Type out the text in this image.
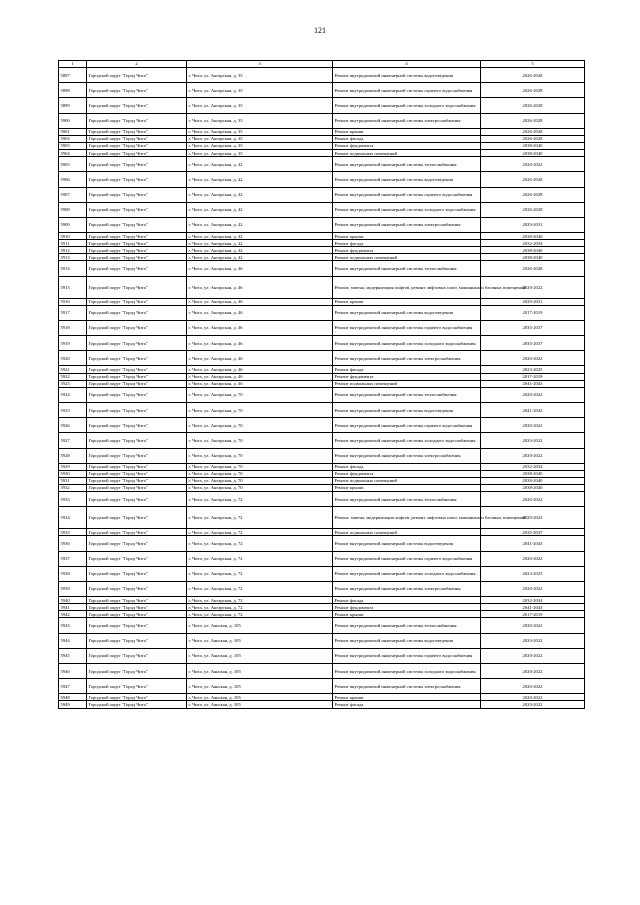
121
1	2	3	4	5
5897	Городской округ "Город Чита"	г. Чита, ул. Ангарская, д. 35	Ремонт внутридомовой инженерной системы водоотведения	2026-2028
5898	Городской округ "Город Чита"	г. Чита, ул. Ангарская, д. 35	Ремонт внутридомовой инженерной системы горячего водоснабжения	2026-2028
5899	Городской округ "Город Чита"	г. Чита, ул. Ангарская, д. 35	Ремонт внутридомовой инженерной системы холодного водоснабжения	2026-2028
5900	Городской округ "Город Чита"	г. Чита, ул. Ангарская, д. 35	Ремонт внутридомовой инженерной системы электроснабжения	2026-2028
5901	Городской округ "Город Чита"	г. Чита, ул. Ангарская, д. 35	Ремонт крыши	2026-2028
5902	Городской округ "Город Чита"	г. Чита, ул. Ангарская, д. 35	Ремонт фасада	2026-2028
5903	Городской округ "Город Чита"	г. Чита, ул. Ангарская, д. 35	Ремонт фундамента	2038-2040
5904	Городской округ "Город Чита"	г. Чита, ул. Ангарская, д. 35	Ремонт подвальных помещений	2038-2040
5905	Городской округ "Город Чита"	г. Чита, ул. Ангарская, д. 42	Ремонт внутридомовой инженерной системы теплоснабжения	2020-2022
5906	Городской округ "Город Чита"	г. Чита, ул. Ангарская, д. 42	Ремонт внутридомовой инженерной системы водоотведения	2026-2028
5907	Городской округ "Город Чита"	г. Чита, ул. Ангарская, д. 42	Ремонт внутридомовой инженерной системы горячего водоснабжения	2026-2028
5908	Городской округ "Город Чита"	г. Чита, ул. Ангарская, д. 42	Ремонт внутридомовой инженерной системы холодного водоснабжения	2026-2028
5909	Городской округ "Город Чита"	г. Чита, ул. Ангарская, д. 42	Ремонт внутридомовой инженерной системы электроснабжения	2029-2031
5910	Городской округ "Город Чита"	г. Чита, ул. Ангарская, д. 42	Ремонт крыши	2038-2040
5911	Городской округ "Город Чита"	г. Чита, ул. Ангарская, д. 42	Ремонт фасада	2032-2034
5912	Городской округ "Город Чита"	г. Чита, ул. Ангарская, д. 42	Ремонт фундамента	2038-2040
5913	Городской округ "Город Чита"	г. Чита, ул. Ангарская, д. 42	Ремонт подвальных помещений	2038-2040
5914	Городской округ "Город Чита"	г. Чита, ул. Ангарская, д. 46	Ремонт внутридомовой инженерной системы теплоснабжения	2026-2028
5915	Городской округ "Город Чита"	г. Чита, ул. Ангарская, д. 46	Ремонт, замена, модернизация лифтов, ремонт лифтовых шахт, машинных и блочных помещений	2020-2022
5916	Городской округ "Город Чита"	г. Чита, ул. Ангарская, д. 46	Ремонт крыши	2029-2031
5917	Городской округ "Город Чита"	г. Чита, ул. Ангарская, д. 46	Ремонт внутридомовой инженерной системы водоотведения	2017-2019
5918	Городской округ "Город Чита"	г. Чита, ул. Ангарская, д. 46	Ремонт внутридомовой инженерной системы горячего водоснабжения	2035-2037
5919	Городской округ "Город Чита"	г. Чита, ул. Ангарская, д. 46	Ремонт внутридомовой инженерной системы холодного водоснабжения	2035-2037
5920	Городской округ "Город Чита"	г. Чита, ул. Ангарская, д. 46	Ремонт внутридомовой инженерной системы электроснабжения	2020-2022
5921	Городской округ "Город Чита"	г. Чита, ул. Ангарская, д. 46	Ремонт фасада	2023-2025
5922	Городской округ "Город Чита"	г. Чита, ул. Ангарская, д. 46	Ремонт фундамента	2017-2019
5923	Городской округ "Город Чита"	г. Чита, ул. Ангарская, д. 46	Ремонт подвальных помещений	2041-2043
5924	Городской округ "Город Чита"	г. Чита, ул. Ангарская, д. 70	Ремонт внутридомовой инженерной системы теплоснабжения	2020-2022
5925	Городской округ "Город Чита"	г. Чита, ул. Ангарская, д. 70	Ремонт внутридомовой инженерной системы водоотведения	2041-2043
5926	Городской округ "Город Чита"	г. Чита, ул. Ангарская, д. 70	Ремонт внутридомовой инженерной системы горячего водоснабжения	2020-2022
5927	Городской округ "Город Чита"	г. Чита, ул. Ангарская, д. 70	Ремонт внутридомовой инженерной системы холодного водоснабжения	2020-2022
5928	Городской округ "Город Чита"	г. Чита, ул. Ангарская, д. 70	Ремонт внутридомовой инженерной системы электроснабжения	2020-2022
5929	Городской округ "Город Чита"	г. Чита, ул. Ангарская, д. 70	Ремонт фасада	2032-2034
5930	Городской округ "Город Чита"	г. Чита, ул. Ангарская, д. 70	Ремонт фундамента	2038-2040
5931	Городской округ "Город Чита"	г. Чита, ул. Ангарская, д. 70	Ремонт подвальных помещений	2038-2040
5932	Городской округ "Город Чита"	г. Чита, ул. Ангарская, д. 70	Ремонт крыши	2038-2040
5933	Городской округ "Город Чита"	г. Чита, ул. Ангарская, д. 72	Ремонт внутридомовой инженерной системы теплоснабжения	2020-2022
5934	Городской округ "Город Чита"	г. Чита, ул. Ангарская, д. 72	Ремонт, замена, модернизация лифтов, ремонт лифтовых шахт, машинных и блочных помещений	2020-2022
5935	Городской округ "Город Чита"	г. Чита, ул. Ангарская, д. 72	Ремонт подвальных помещений	2035-2037
5936	Городской округ "Город Чита"	г. Чита, ул. Ангарская, д. 72	Ремонт внутридомовой инженерной системы водоотведения	2041-2043
5937	Городской округ "Город Чита"	г. Чита, ул. Ангарская, д. 72	Ремонт внутридомовой инженерной системы горячего водоснабжения	2020-2022
5938	Городской округ "Город Чита"	г. Чита, ул. Ангарская, д. 72	Ремонт внутридомовой инженерной системы холодного водоснабжения	2023-2025
5939	Городской округ "Город Чита"	г. Чита, ул. Ангарская, д. 72	Ремонт внутридомовой инженерной системы электроснабжения	2020-2022
5940	Городской округ "Город Чита"	г. Чита, ул. Ангарская, д. 72	Ремонт фасада	2032-2034
5941	Городской округ "Город Чита"	г. Чита, ул. Ангарская, д. 72	Ремонт фундамента	2041-2043
5942	Городской округ "Город Чита"	г. Чита, ул. Ангарская, д. 72	Ремонт крыши	2017-2019
5943	Городской округ "Город Чита"	г. Чита, ул. Аянская, д. 105	Ремонт внутридомовой инженерной системы теплоснабжения	2020-2022
5944	Городской округ "Город Чита"	г. Чита, ул. Аянская, д. 105	Ремонт внутридомовой инженерной системы водоотведения	2020-2022
5945	Городской округ "Город Чита"	г. Чита, ул. Аянская, д. 105	Ремонт внутридомовой инженерной системы горячего водоснабжения	2020-2022
5946	Городской округ "Город Чита"	г. Чита, ул. Аянская, д. 105	Ремонт внутридомовой инженерной системы холодного водоснабжения	2020-2022
5947	Городской округ "Город Чита"	г. Чита, ул. Аянская, д. 105	Ремонт внутридомовой инженерной системы электроснабжения	2020-2022
5948	Городской округ "Город Чита"	г. Чита, ул. Аянская, д. 105	Ремонт крыши	2020-2022
5949	Городской округ "Город Чита"	г. Чита, ул. Аянская, д. 105	Ремонт фасада	2020-2022
